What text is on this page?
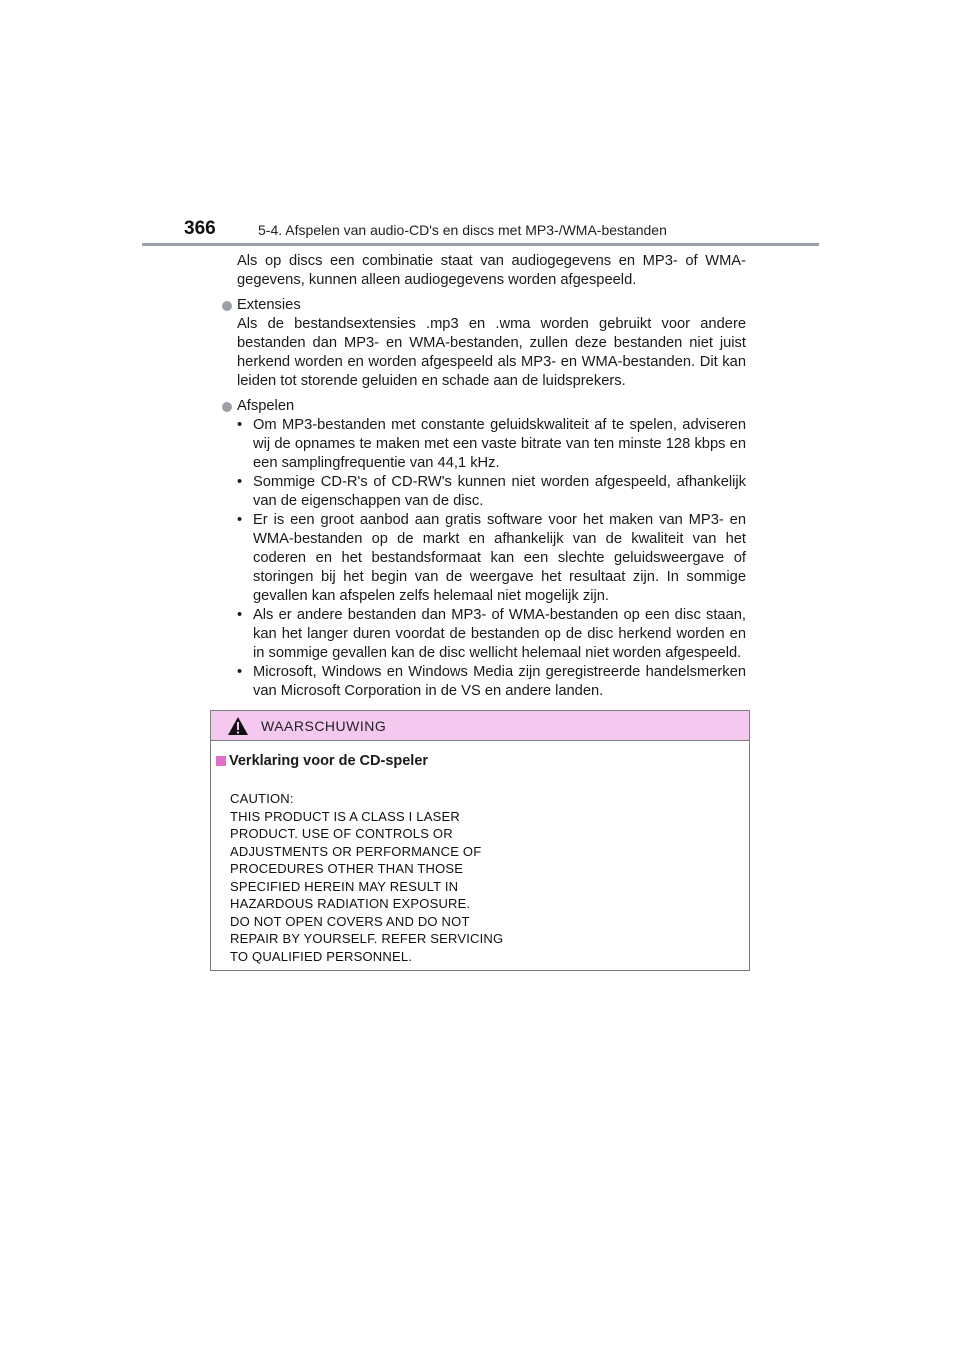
366	5-4. Afspelen van audio-CD's en discs met MP3-/WMA-bestanden
Als op discs een combinatie staat van audiogegevens en MP3- of WMA-gegevens, kunnen alleen audiogegevens worden afgespeeld.
Extensies
Als de bestandsextensies .mp3 en .wma worden gebruikt voor andere bestanden dan MP3- en WMA-bestanden, zullen deze bestanden niet juist herkend worden en worden afgespeeld als MP3- en WMA-bestanden. Dit kan leiden tot storende geluiden en schade aan de luidsprekers.
Afspelen
• Om MP3-bestanden met constante geluidskwaliteit af te spelen, adviseren wij de opnames te maken met een vaste bitrate van ten minste 128 kbps en een samplingfrequentie van 44,1 kHz.
• Sommige CD-R's of CD-RW's kunnen niet worden afgespeeld, afhankelijk van de eigenschappen van de disc.
• Er is een groot aanbod aan gratis software voor het maken van MP3- en WMA-bestanden op de markt en afhankelijk van de kwaliteit van het coderen en het bestandsformaat kan een slechte geluidsweergave of storingen bij het begin van de weergave het resultaat zijn. In sommige gevallen kan afspelen zelfs helemaal niet mogelijk zijn.
• Als er andere bestanden dan MP3- of WMA-bestanden op een disc staan, kan het langer duren voordat de bestanden op de disc herkend worden en in sommige gevallen kan de disc wellicht helemaal niet worden afgespeeld.
• Microsoft, Windows en Windows Media zijn geregistreerde handelsmerken van Microsoft Corporation in de VS en andere landen.
WAARSCHUWING
Verklaring voor de CD-speler
CAUTION:
THIS PRODUCT IS A CLASS I LASER
PRODUCT. USE OF CONTROLS OR
ADJUSTMENTS OR PERFORMANCE OF
PROCEDURES OTHER THAN THOSE
SPECIFIED HEREIN MAY RESULT IN
HAZARDOUS RADIATION EXPOSURE.
DO NOT OPEN COVERS AND DO NOT
REPAIR BY YOURSELF. REFER SERVICING
TO QUALIFIED PERSONNEL.
